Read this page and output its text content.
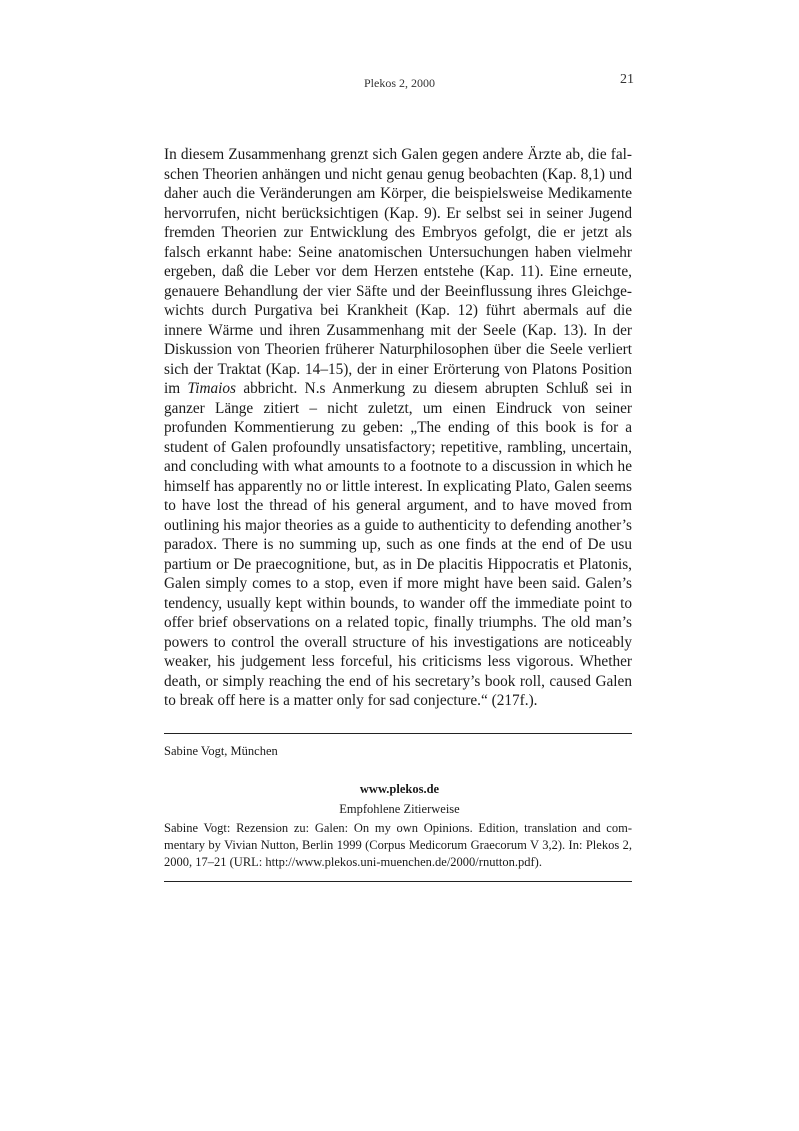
Plekos 2, 2000	21

In diesem Zusammenhang grenzt sich Galen gegen andere Ärzte ab, die falschen Theorien anhängen und nicht genau genug beobachten (Kap. 8,1) und daher auch die Veränderungen am Körper, die beispielsweise Medikamente hervorrufen, nicht berücksichtigen (Kap. 9). Er selbst sei in seiner Jugend fremden Theorien zur Entwicklung des Embryos gefolgt, die er jetzt als falsch erkannt habe: Seine anatomischen Untersuchungen haben vielmehr ergeben, daß die Leber vor dem Herzen entstehe (Kap. 11). Eine erneute, genauere Behandlung der vier Säfte und der Beeinflussung ihres Gleichgewichts durch Purgativa bei Krankheit (Kap. 12) führt abermals auf die innere Wärme und ihren Zusammenhang mit der Seele (Kap. 13). In der Diskussion von Theorien früherer Naturphilosophen über die Seele verliert sich der Traktat (Kap. 14–15), der in einer Erörterung von Platons Position im Timaios abbricht. N.s Anmerkung zu diesem abrupten Schluß sei in ganzer Länge zitiert – nicht zuletzt, um einen Eindruck von seiner profunden Kommentierung zu geben: „The ending of this book is for a student of Galen profoundly unsatisfactory; repetitive, rambling, uncertain, and concluding with what amounts to a footnote to a discussion in which he himself has apparently no or little interest. In explicating Plato, Galen seems to have lost the thread of his general argument, and to have moved from outlining his major theories as a guide to authenticity to defending another’s paradox. There is no summing up, such as one finds at the end of De usu partium or De praecognitione, but, as in De placitis Hippocratis et Platonis, Galen simply comes to a stop, even if more might have been said. Galen’s tendency, usually kept within bounds, to wander off the immediate point to offer brief observations on a related topic, finally triumphs. The old man’s powers to control the overall structure of his investigations are noticeably weaker, his judgement less forceful, his criticisms less vigorous. Whether death, or simply reaching the end of his secretary’s book roll, caused Galen to break off here is a matter only for sad conjecture.“ (217f.).

Sabine Vogt, München
www.plekos.de
Empfohlene Zitierweise

Sabine Vogt: Rezension zu: Galen: On my own Opinions. Edition, translation and commentary by Vivian Nutton, Berlin 1999 (Corpus Medicorum Graecorum V 3,2). In: Plekos 2, 2000, 17–21 (URL: http://www.plekos.uni-muenchen.de/2000/rnutton.pdf).
